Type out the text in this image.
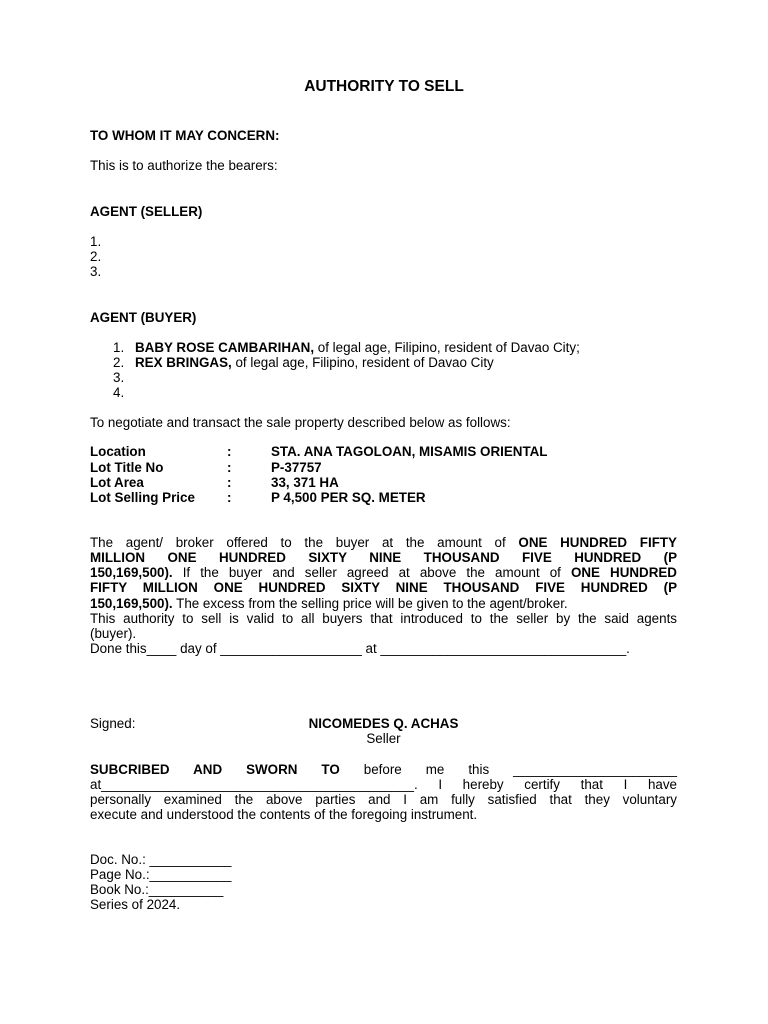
AUTHORITY TO SELL
TO WHOM IT MAY CONCERN:
This is to authorize the bearers:
AGENT (SELLER)
1.
2.
3.
AGENT (BUYER)
1. BABY ROSE CAMBARIHAN, of legal age, Filipino, resident of Davao City;
2. REX BRINGAS, of legal age, Filipino, resident of Davao City
3.
4.
To negotiate and transact the sale property described below as follows:
Location	:	STA. ANA TAGOLOAN, MISAMIS ORIENTAL
Lot Title No	:	P-37757
Lot Area	:	33, 371 HA
Lot Selling Price :	P 4,500 PER SQ. METER
The agent/ broker offered to the buyer at the amount of ONE HUNDRED FIFTY
MILLION ONE HUNDRED SIXTY NINE THOUSAND FIVE HUNDRED (P
150,169,500). If the buyer and seller agreed at above the amount of ONE HUNDRED
FIFTY MILLION ONE HUNDRED SIXTY NINE THOUSAND FIVE HUNDRED (P
150,169,500). The excess from the selling price will be given to the agent/broker.
This authority to sell is valid to all buyers that introduced to the seller by the said agents
(buyer).
Done this____ day of ___________________ at _________________________________.
Signed:	NICOMEDES Q. ACHAS
Seller
SUBCRIBED AND SWORN TO before me this ______________________
at__________________________________________. I hereby certify that I have
personally examined the above parties and I am fully satisfied that they voluntary
execute and understood the contents of the foregoing instrument.
Doc. No.: ___________
Page No.:___________
Book No.:__________
Series of 2024.
